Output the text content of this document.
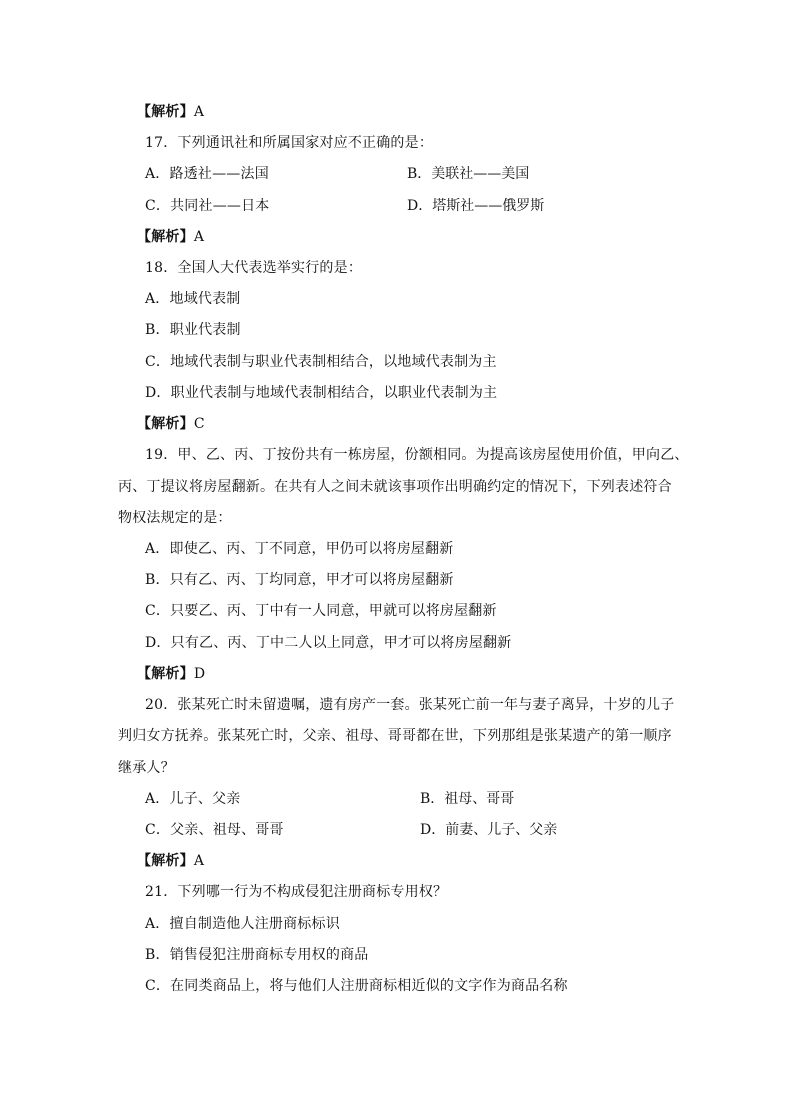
【解析】A
17．下列通讯社和所属国家对应不正确的是：
A．路透社——法国	B．美联社——美国
C．共同社——日本	D．塔斯社——俄罗斯
【解析】A
18．全国人大代表选举实行的是：
A．地域代表制
B．职业代表制
C．地域代表制与职业代表制相结合，以地域代表制为主
D．职业代表制与地域代表制相结合，以职业代表制为主
【解析】C
19．甲、乙、丙、丁按份共有一栋房屋，份额相同。为提高该房屋使用价值，甲向乙、
丙、丁提议将房屋翻新。在共有人之间未就该事项作出明确约定的情况下，下列表述符合
物权法规定的是：
A．即使乙、丙、丁不同意，甲仍可以将房屋翻新
B．只有乙、丙、丁均同意，甲才可以将房屋翻新
C．只要乙、丙、丁中有一人同意，甲就可以将房屋翻新
D．只有乙、丙、丁中二人以上同意，甲才可以将房屋翻新
【解析】D
20．张某死亡时未留遗嘱，遗有房产一套。张某死亡前一年与妻子离异，十岁的儿子
判归女方抚养。张某死亡时，父亲、祖母、哥哥都在世，下列那组是张某遗产的第一顺序
继承人？
A．儿子、父亲	B．祖母、哥哥
C．父亲、祖母、哥哥	D．前妻、儿子、父亲
【解析】A
21．下列哪一行为不构成侵犯注册商标专用权？
A．擅自制造他人注册商标标识
B．销售侵犯注册商标专用权的商品
C．在同类商品上，将与他们人注册商标相近似的文字作为商品名称
